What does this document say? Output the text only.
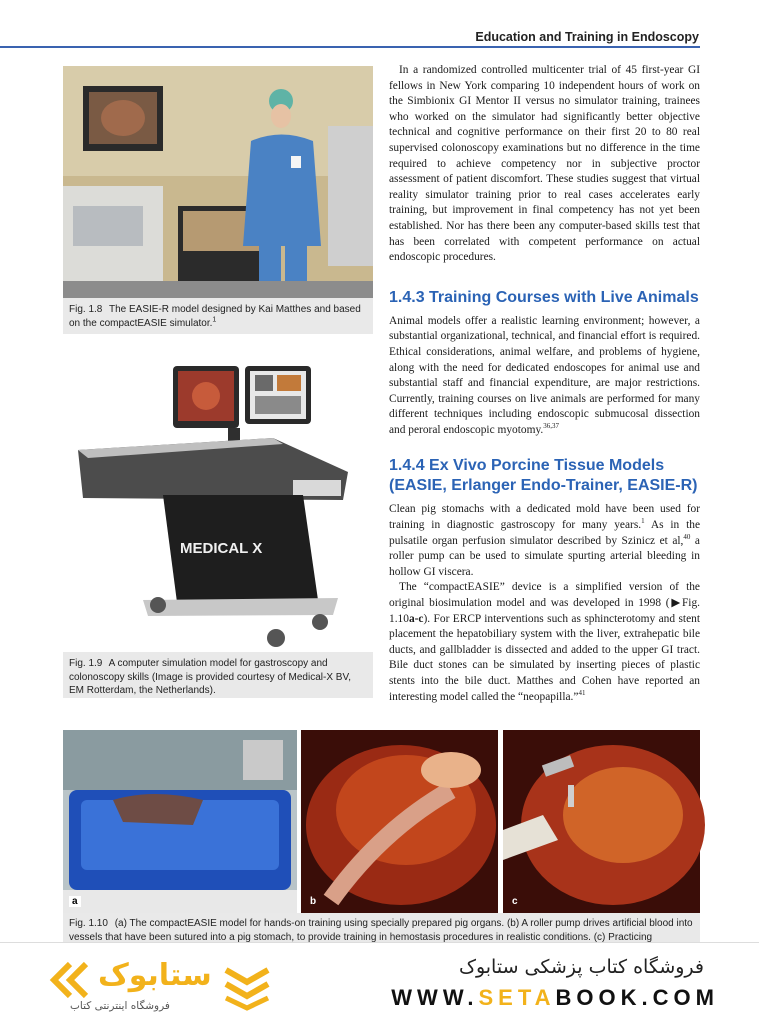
Education and Training in Endoscopy
Fig. 1.8 The EASIE-R model designed by Kai Matthes and based on the compactEASIE simulator.$^1$
MEDICAL X
Fig. 1.9 A computer simulation model for gastroscopy and colonoscopy skills (Image is provided courtesy of Medical-X BV, EM Rotterdam, the Netherlands).

In a randomized controlled multicenter trial of 45 first-year GI fellows in New York comparing 10 independent hours of work on the Simbionix GI Mentor II versus no simulator training, trainees who worked on the simulator had significantly better objective technical and cognitive performance on their first 20 to 80 real supervised colonoscopy examinations but no difference in the time required to achieve competency nor in subjective proctor assessment of patient discomfort. These studies suggest that virtual reality simulator training prior to real cases accelerates early training, but improvement in final competency has not yet been established. Nor has there been any computer-based skills test that has been correlated with competent performance on actual endoscopic procedures.

1.4.3 Training Courses with Live Animals

Animal models offer a realistic learning environment; however, a substantial organizational, technical, and financial effort is required. Ethical considerations, animal welfare, and problems of hygiene, along with the need for dedicated endoscopes for animal use and substantial staff and financial expenditure, are major restrictions. Currently, training courses on live animals are performed for many different techniques including endoscopic submucosal dissection and peroral endoscopic myotomy.$^{36,37}$

1.4.4 Ex Vivo Porcine Tissue Models (EASIE, Erlanger Endo-Trainer, EASIE-R)

Clean pig stomachs with a dedicated mold have been used for training in diagnostic gastroscopy for many years.$^1$ As in the pulsatile organ perfusion simulator described by Szinicz et al,$^{40}$ a roller pump can be used to simulate spurting arterial bleeding in hollow GI viscera.

The “compactEASIE” device is a simplified version of the original biosimulation model and was developed in 1998 (▶Fig. 1.10a-c). For ERCP interventions such as sphincterotomy and stent placement the hepatobiliary system with the liver, extrahepatic bile ducts, and gallbladder is dissected and added to the upper GI tract. Bile duct stones can be simulated by inserting pieces of plastic stents into the bile duct. Matthes and Cohen have reported an interesting model called the “neopapilla.”$^{41}$

a	b	c
Fig. 1.10 (a) The compactEASIE model for hands-on training using specially prepared pig organs. (b) A roller pump drives artificial blood into
vessels that have been sutured into a pig stomach, to provide training in hemostasis procedures in realistic conditions. (c) Practicing
ستابوک
فروشگاه اینترنتی کتاب
فروشگاه کتاب پزشکی ستابوک
WWW.SETABOOK.COM
